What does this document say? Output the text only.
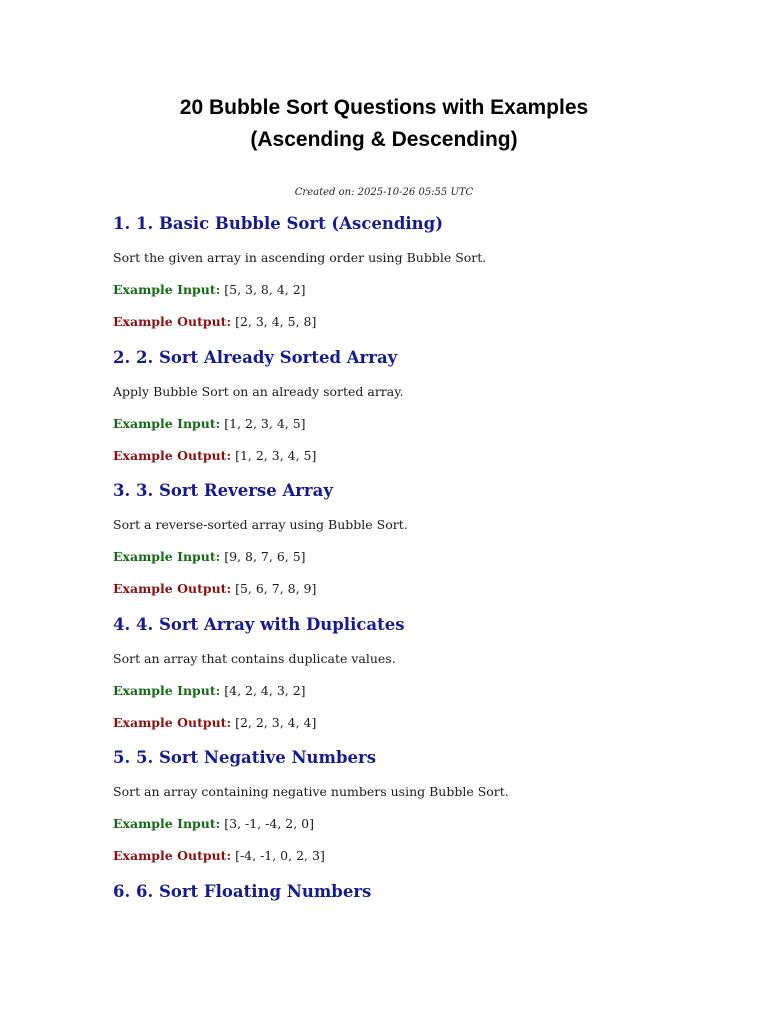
20 Bubble Sort Questions with Examples
(Ascending & Descending)
Created on: 2025-10-26 05:55 UTC
1. 1. Basic Bubble Sort (Ascending)
Sort the given array in ascending order using Bubble Sort.
Example Input: [5, 3, 8, 4, 2]
Example Output: [2, 3, 4, 5, 8]
2. 2. Sort Already Sorted Array
Apply Bubble Sort on an already sorted array.
Example Input: [1, 2, 3, 4, 5]
Example Output: [1, 2, 3, 4, 5]
3. 3. Sort Reverse Array
Sort a reverse-sorted array using Bubble Sort.
Example Input: [9, 8, 7, 6, 5]
Example Output: [5, 6, 7, 8, 9]
4. 4. Sort Array with Duplicates
Sort an array that contains duplicate values.
Example Input: [4, 2, 4, 3, 2]
Example Output: [2, 2, 3, 4, 4]
5. 5. Sort Negative Numbers
Sort an array containing negative numbers using Bubble Sort.
Example Input: [3, -1, -4, 2, 0]
Example Output: [-4, -1, 0, 2, 3]
6. 6. Sort Floating Numbers
